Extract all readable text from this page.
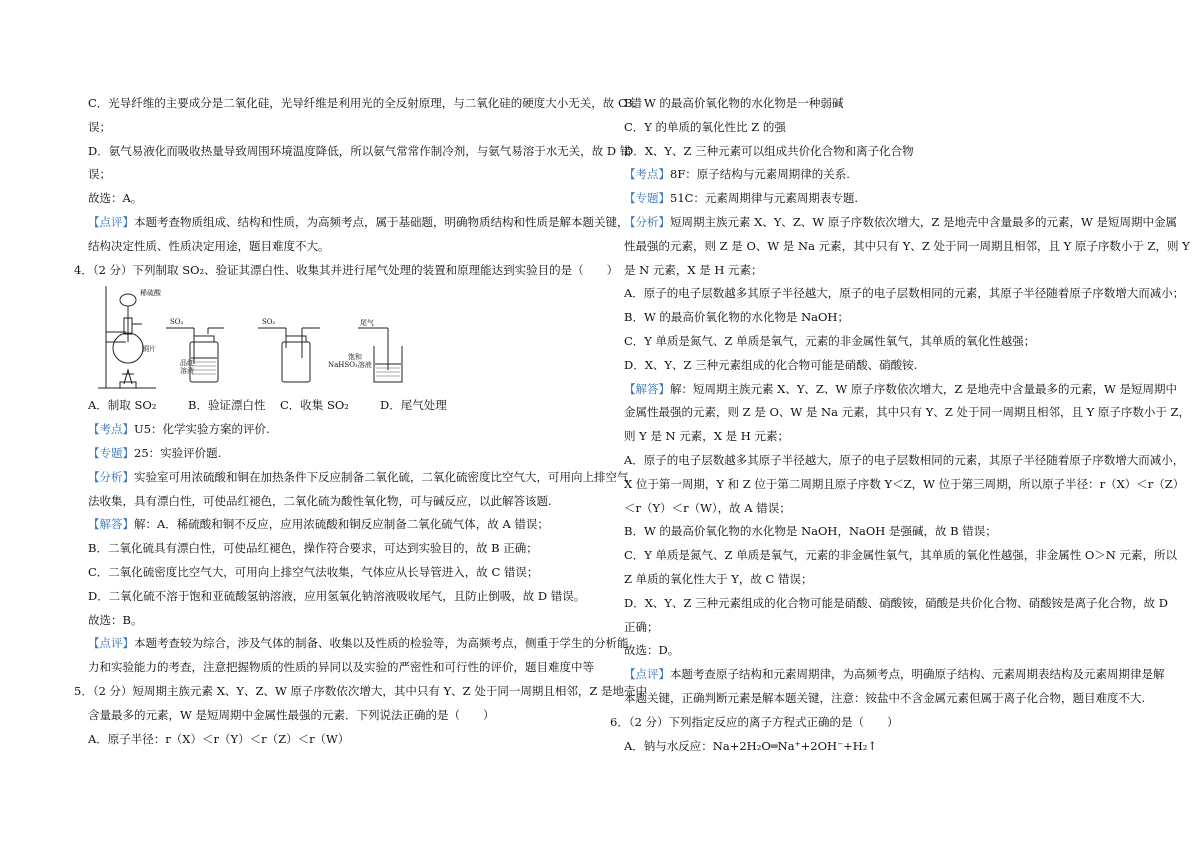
C．光导纤维的主要成分是二氧化硅，光导纤维是利用光的全反射原理，与二氧化硅的硬度大小无关，故 C 错
误；
D．氨气易液化而吸收热量导致周围环境温度降低，所以氨气常常作制冷剂，与氨气易溶于水无关，故 D 错
误；
故选：A。
【点评】本题考查物质组成、结构和性质，为高频考点，属于基础题，明确物质结构和性质是解本题关键，
结构决定性质、性质决定用途，题目难度不大。
4．（2 分）下列制取 SO₂、验证其漂白性、收集其并进行尾气处理的装置和原理能达到实验目的是（　　）
稀硫酸
铜片
SO₂	SO₂	尾气
品红
溶液
饱和
NaHSO₃溶液
A．制取 SO₂	B．验证漂白性 C．收集 SO₂	D．尾气处理
【考点】U5：化学实验方案的评价.
【专题】25：实验评价题.
【分析】实验室可用浓硫酸和铜在加热条件下反应制备二氧化硫，二氧化硫密度比空气大，可用向上排空气
法收集，具有漂白性，可使品红褪色，二氧化硫为酸性氧化物，可与碱反应，以此解答该题.
【解答】解：A．稀硫酸和铜不反应，应用浓硫酸和铜反应制备二氧化硫气体，故 A 错误；
B．二氧化硫具有漂白性，可使品红褪色，操作符合要求，可达到实验目的，故 B 正确；
C．二氧化硫密度比空气大，可用向上排空气法收集，气体应从长导管进入，故 C 错误；
D．二氧化硫不溶于饱和亚硫酸氢钠溶液，应用氢氧化钠溶液吸收尾气，且防止倒吸，故 D 错误。
故选：B。
【点评】本题考查较为综合，涉及气体的制备、收集以及性质的检验等，为高频考点，侧重于学生的分析能
力和实验能力的考查，注意把握物质的性质的异同以及实验的严密性和可行性的评价，题目难度中等
5．（2 分）短周期主族元素 X、Y、Z、W 原子序数依次增大，其中只有 Y、Z 处于同一周期且相邻，Z 是地壳中
含量最多的元素，W 是短周期中金属性最强的元素．下列说法正确的是（　　）
A．原子半径：r（X）＜r（Y）＜r（Z）＜r（W）
B．W 的最高价氧化物的水化物是一种弱碱
C．Y 的单质的氧化性比 Z 的强
D．X、Y、Z 三种元素可以组成共价化合物和离子化合物
【考点】8F：原子结构与元素周期律的关系.
【专题】51C：元素周期律与元素周期表专题.
【分析】短周期主族元素 X、Y、Z、W 原子序数依次增大，Z 是地壳中含量最多的元素，W 是短周期中金属
性最强的元素，则 Z 是 O、W 是 Na 元素，其中只有 Y、Z 处于同一周期且相邻，且 Y 原子序数小于 Z，则 Y
是 N 元素，X 是 H 元素；
A．原子的电子层数越多其原子半径越大，原子的电子层数相同的元素，其原子半径随着原子序数增大而减小；
B．W 的最高价氧化物的水化物是 NaOH；
C．Y 单质是氮气、Z 单质是氧气，元素的非金属性氧气，其单质的氧化性越强；
D．X、Y、Z 三种元素组成的化合物可能是硝酸、硝酸铵.
【解答】解：短周期主族元素 X、Y、Z、W 原子序数依次增大，Z 是地壳中含量最多的元素，W 是短周期中
金属性最强的元素，则 Z 是 O、W 是 Na 元素，其中只有 Y、Z 处于同一周期且相邻，且 Y 原子序数小于 Z，
则 Y 是 N 元素，X 是 H 元素；
A．原子的电子层数越多其原子半径越大，原子的电子层数相同的元素，其原子半径随着原子序数增大而减小，
X 位于第一周期，Y 和 Z 位于第二周期且原子序数 Y＜Z，W 位于第三周期，所以原子半径：r（X）＜r（Z）
＜r（Y）＜r（W），故 A 错误；
B．W 的最高价氧化物的水化物是 NaOH，NaOH 是强碱，故 B 错误；
C．Y 单质是氮气、Z 单质是氧气，元素的非金属性氧气，其单质的氧化性越强，非金属性 O＞N 元素，所以
Z 单质的氧化性大于 Y，故 C 错误；
D．X、Y、Z 三种元素组成的化合物可能是硝酸、硝酸铵，硝酸是共价化合物、硝酸铵是离子化合物，故 D
正确；
故选：D。
【点评】本题考查原子结构和元素周期律，为高频考点，明确原子结构、元素周期表结构及元素周期律是解
本题关键，正确判断元素是解本题关键，注意：铵盐中不含金属元素但属于离子化合物，题目难度不大.
6．（2 分）下列指定反应的离子方程式正确的是（　　）
A．钠与水反应：Na+2H₂O═Na⁺+2OH⁻+H₂↑
